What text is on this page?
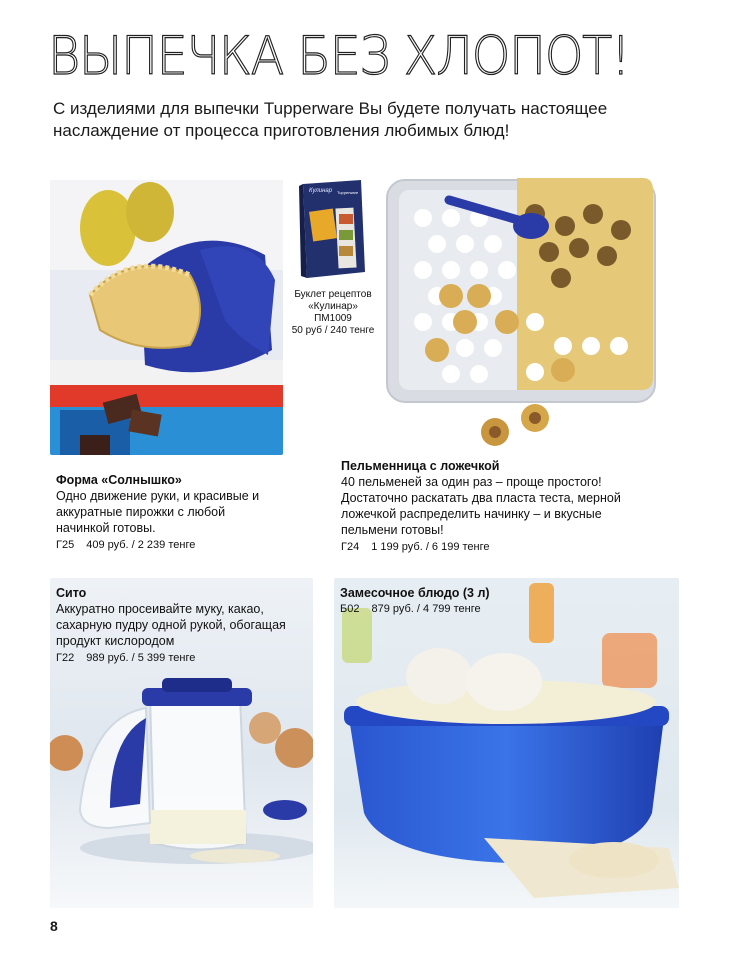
ВЫПЕЧКА БЕЗ ХЛОПОТ!

С изделиями для выпечки Tupperware Вы будете получать настоящее наслаждение от процесса приготовления любимых блюд!

Кулинар Tupperware
Буклет рецептов
«Кулинар»
ПМ1009
50 руб / 240 тенге
Форма «Солнышко»
Одно движение руки, и красивые и аккуратные пирожки с любой начинкой готовы.
Г25 409 руб. / 2 239 тенге
Пельменница с ложечкой
40 пельменей за один раз – проще простого! Достаточно раскатать два пласта теста, мерной ложечкой распределить начинку – и вкусные пельмени готовы!
Г24 1 199 руб. / 6 199 тенге
Сито
Аккуратно просеивайте муку, какао, сахарную пудру одной рукой, обогащая продукт кислородом
Г22 989 руб. / 5 399 тенге
Замесочное блюдо (3 л)
Б02 879 руб. / 4 799 тенге
8
